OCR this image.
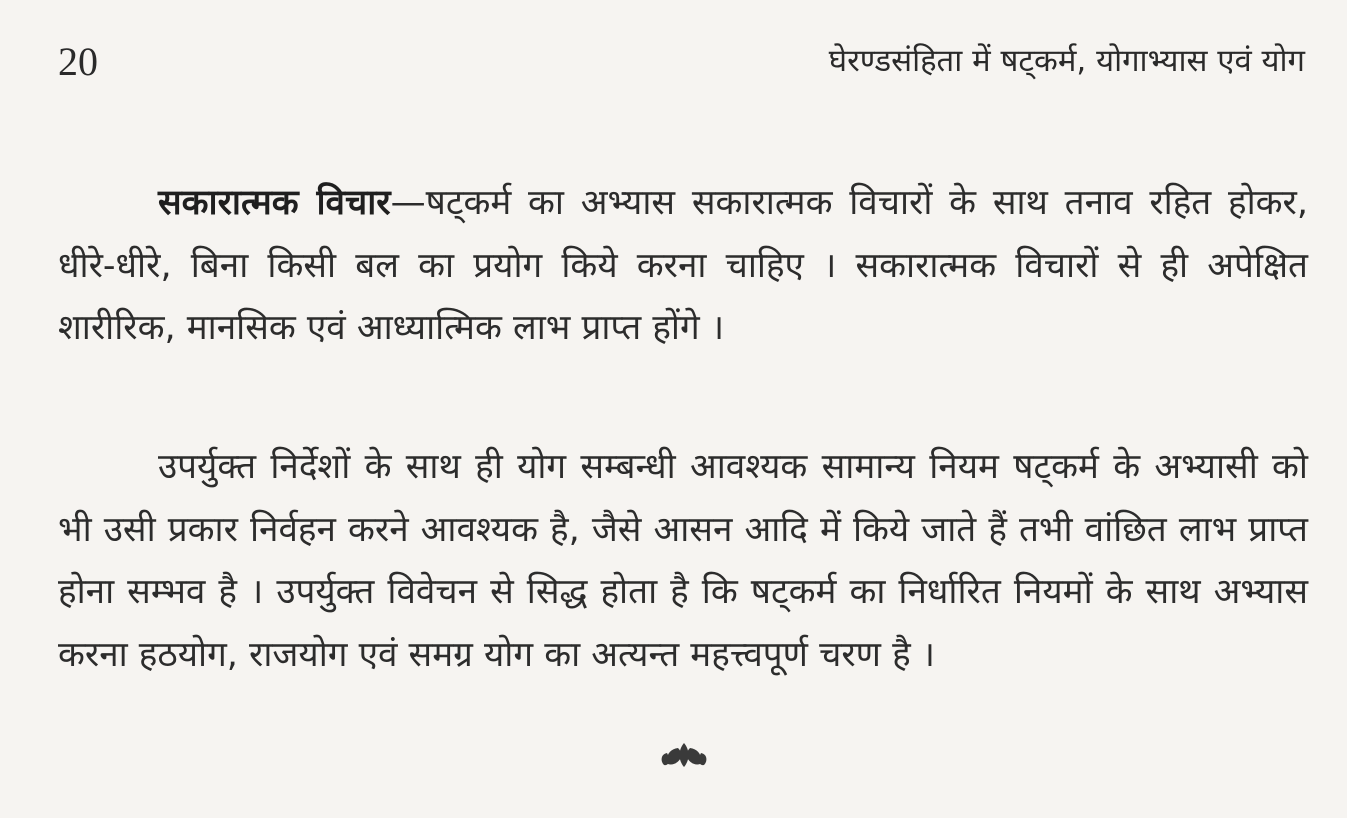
20	घेरण्डसंहिता में षट्कर्म, योगाभ्यास एवं योग

सकारात्मक विचार—षट्कर्म का अभ्यास सकारात्मक विचारों के साथ तनाव रहित होकर, धीरे-धीरे, बिना किसी बल का प्रयोग किये करना चाहिए । सकारात्मक विचारों से ही अपेक्षित शारीरिक, मानसिक एवं आध्यात्मिक लाभ प्राप्त होंगे ।

उपर्युक्त निर्देशों के साथ ही योग सम्बन्धी आवश्यक सामान्य नियम षट्कर्म के अभ्यासी को भी उसी प्रकार निर्वहन करने आवश्यक है, जैसे आसन आदि में किये जाते हैं तभी वांछित लाभ प्राप्त होना सम्भव है । उपर्युक्त विवेचन से सिद्ध होता है कि षट्कर्म का निर्धारित नियमों के साथ अभ्यास करना हठयोग, राजयोग एवं समग्र योग का अत्यन्त महत्त्वपूर्ण चरण है ।
